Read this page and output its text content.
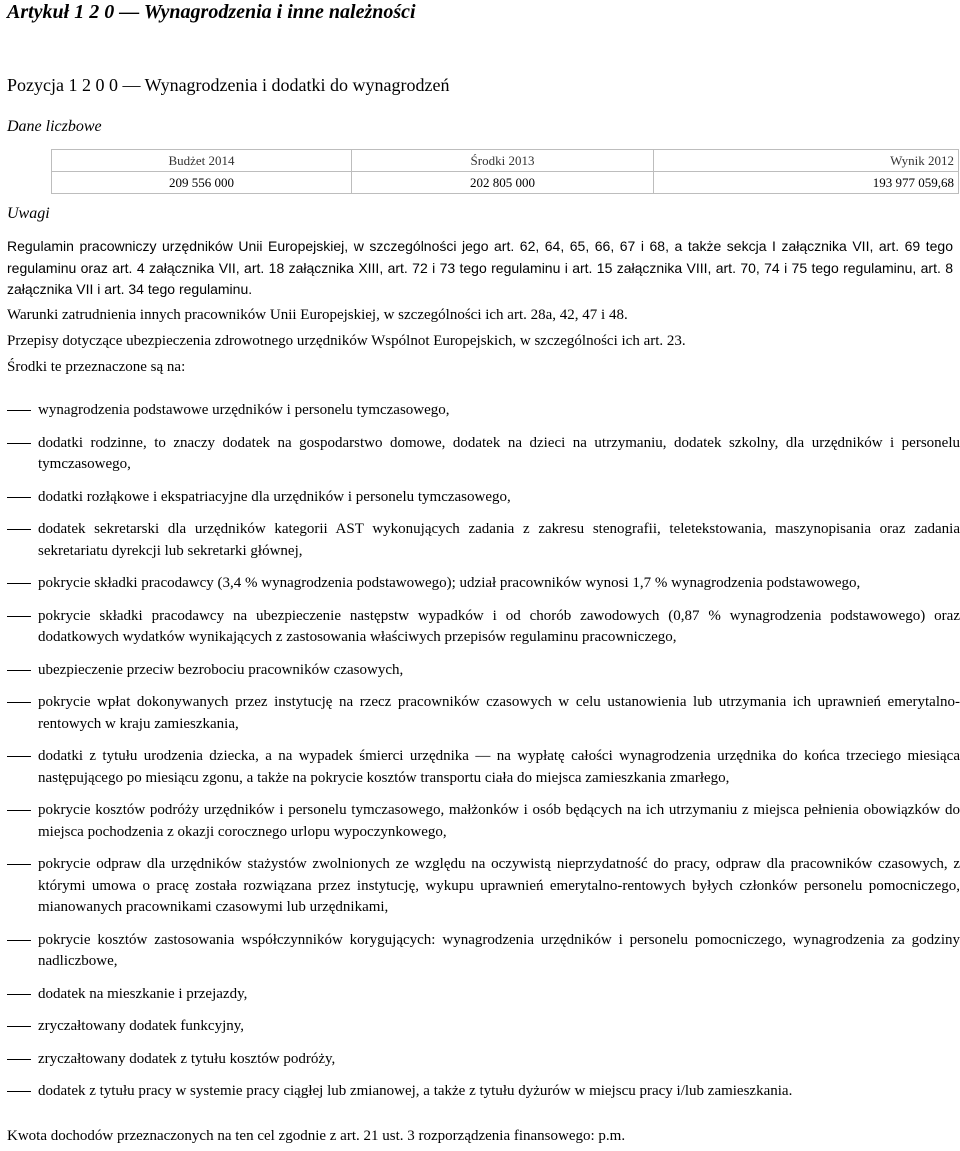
Artykuł 1 2 0 — Wynagrodzenia i inne należności
Pozycja 1 2 0 0 — Wynagrodzenia i dodatki do wynagrodzeń
Dane liczbowe
Budżet 2014	Środki 2013	Wynik 2012
209 556 000	202 805 000	193 977 059,68
Uwagi

Regulamin pracowniczy urzędników Unii Europejskiej, w szczególności jego art. 62, 64, 65, 66, 67 i 68, a także sekcja I załącznika VII, art. 69 tego regulaminu oraz art. 4 załącznika VII, art. 18 załącznika XIII, art. 72 i 73 tego regulaminu i art. 15 załącznika VIII, art. 70, 74 i 75 tego regulaminu, art. 8 załącznika VII i art. 34 tego regulaminu.

Warunki zatrudnienia innych pracowników Unii Europejskiej, w szczególności ich art. 28a, 42, 47 i 48.

Przepisy dotyczące ubezpieczenia zdrowotnego urzędników Wspólnot Europejskich, w szczególności ich art. 23.

Środki te przeznaczone są na:

wynagrodzenia podstawowe urzędników i personelu tymczasowego,
dodatki rodzinne, to znaczy dodatek na gospodarstwo domowe, dodatek na dzieci na utrzymaniu, dodatek szkolny, dla urzędników i personelu tymczasowego,
dodatki rozłąkowe i ekspatriacyjne dla urzędników i personelu tymczasowego,
dodatek sekretarski dla urzędników kategorii AST wykonujących zadania z zakresu stenografii, teletekstowania, maszynopisania oraz zadania sekretariatu dyrekcji lub sekretarki głównej,
pokrycie składki pracodawcy (3,4 % wynagrodzenia podstawowego); udział pracowników wynosi 1,7 % wynagrodzenia podstawowego,
pokrycie składki pracodawcy na ubezpieczenie następstw wypadków i od chorób zawodowych (0,87 % wynagrodzenia podstawowego) oraz dodatkowych wydatków wynikających z zastosowania właściwych przepisów regulaminu pracowniczego,
ubezpieczenie przeciw bezrobociu pracowników czasowych,
pokrycie wpłat dokonywanych przez instytucję na rzecz pracowników czasowych w celu ustanowienia lub utrzymania ich uprawnień emerytalno-rentowych w kraju zamieszkania,
dodatki z tytułu urodzenia dziecka, a na wypadek śmierci urzędnika — na wypłatę całości wynagrodzenia urzędnika do końca trzeciego miesiąca następującego po miesiącu zgonu, a także na pokrycie kosztów transportu ciała do miejsca zamieszkania zmarłego,
pokrycie kosztów podróży urzędników i personelu tymczasowego, małżonków i osób będących na ich utrzymaniu z miejsca pełnienia obowiązków do miejsca pochodzenia z okazji corocznego urlopu wypoczynkowego,
pokrycie odpraw dla urzędników stażystów zwolnionych ze względu na oczywistą nieprzydatność do pracy, odpraw dla pracowników czasowych, z którymi umowa o pracę została rozwiązana przez instytucję, wykupu uprawnień emerytalno-rentowych byłych członków personelu pomocniczego, mianowanych pracownikami czasowymi lub urzędnikami,
pokrycie kosztów zastosowania współczynników korygujących: wynagrodzenia urzędników i personelu pomocniczego, wynagrodzenia za godziny nadliczbowe,
dodatek na mieszkanie i przejazdy,
zryczałtowany dodatek funkcyjny,
zryczałtowany dodatek z tytułu kosztów podróży,
dodatek z tytułu pracy w systemie pracy ciągłej lub zmianowej, a także z tytułu dyżurów w miejscu pracy i/lub zamieszkania.
Kwota dochodów przeznaczonych na ten cel zgodnie z art. 21 ust. 3 rozporządzenia finansowego: p.m.
